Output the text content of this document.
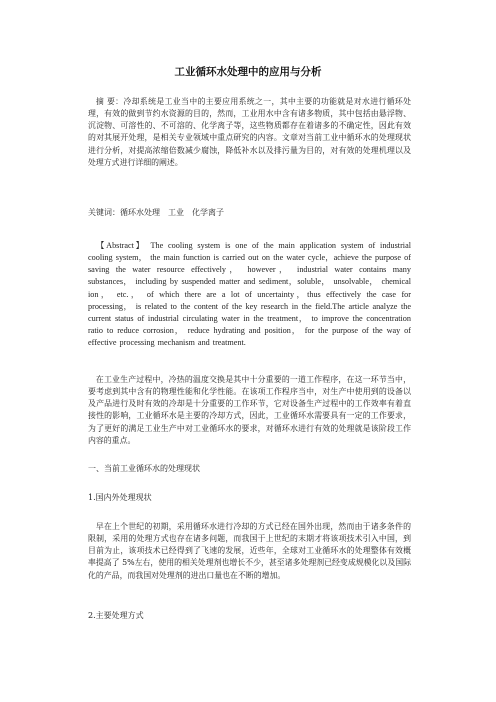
工业循环水处理中的应用与分析

摘 要：冷却系统是工业当中的主要应用系统之一，其中主要的功能就是对水进行循环处理，有效的做到节约水资源的目的，然而，工业用水中含有诸多物质，其中包括由悬浮物、沉淀物、可溶性的、不可溶的、化学离子等，这些物质都存在着诸多的不确定性，因此有效的对其展开处理，是相关专业领域中重点研究的内容。文章对当前工业中循环水的处理现状进行分析，对提高浓缩倍数减少腐蚀，降低补水以及排污量为目的，对有效的处理机理以及处理方式进行详细的阐述。

关键词：循环水处理　工业　化学离子

【Abstract】 The cooling system is one of the main application system of industrial cooling system， the main function is carried out on the water cycle，achieve the purpose of saving the water resource effectively， however， industrial water contains many substances， including by suspended matter and sediment，soluble， unsolvable， chemical ion， etc.， of which there are a lot of uncertainty，thus effectively the case for processing， is related to the content of the key research in the field.The article analyze the current status of industrial circulating water in the treatment， to improve the concentration ratio to reduce corrosion， reduce hydrating and position， for the purpose of the way of effective processing mechanism and treatment.

在工业生产过程中，冷热的温度交换是其中十分重要的一道工作程序，在这一环节当中，要考虑到其中含有的物理性能和化学性能。在该项工作程序当中，对生产中使用到的设备以及产品进行及时有效的冷却是十分重要的工作环节，它对设备生产过程中的工作效率有着直接性的影响，工业循环水是主要的冷却方式，因此，工业循环水需要具有一定的工作要求，为了更好的满足工业生产中对工业循环水的要求，对循环水进行有效的处理就是该阶段工作内容的重点。

一、当前工业循环水的处理现状

1.国内外处理现状

早在上个世纪的初期，采用循环水进行冷却的方式已经在国外出现，然而由于诸多条件的限制，采用的处理方式也存在诸多问题，而我国于上世纪的末期才将该项技术引入中国，到目前为止，该项技术已经得到了飞速的发展，近些年，全球对工业循环水的处理整体有效概率提高了 5%左右，使用的相关处理剂也增长不少，甚至诸多处理剂已经变成规模化以及国际化的产品，而我国对处理剂的进出口量也在不断的增加。

2.主要处理方式
